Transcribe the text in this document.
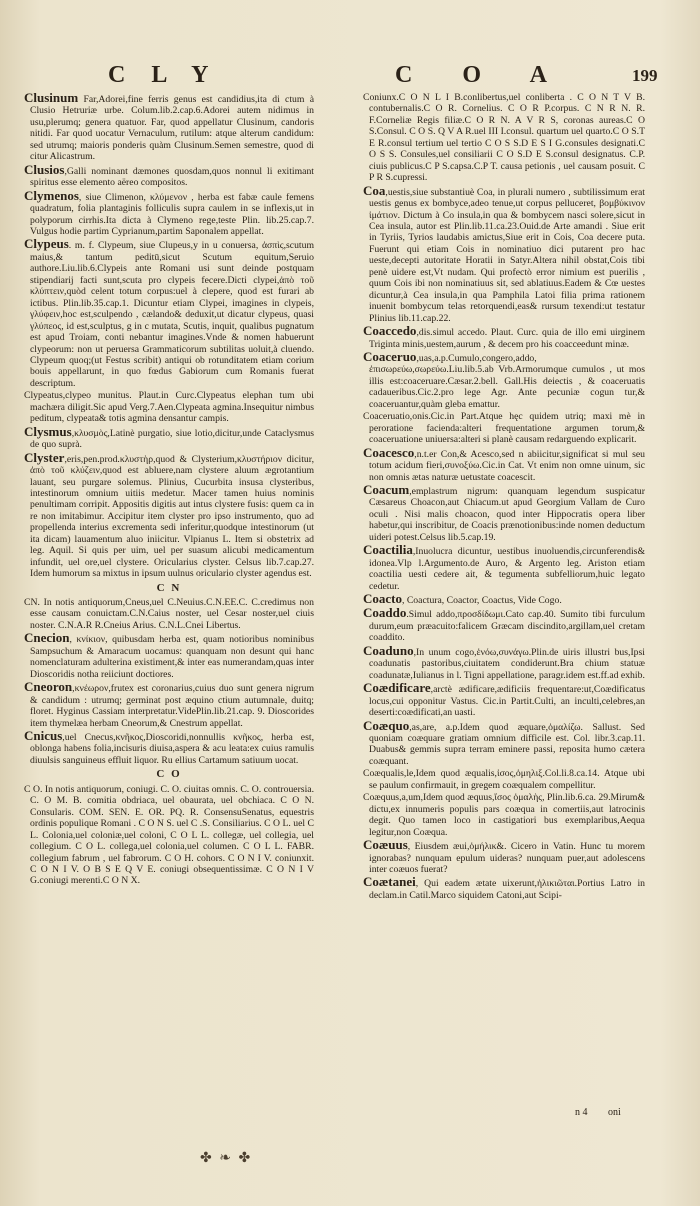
C L Y	C O A	199
Clusinum Far,Adorei,fine ferris genus est candidius,ita di ctum à Clusio Hetruriæ urbe. Colum.lib.2.cap.6.Adorei autem nidimus in usu,plerumq; genera quatuor. Far, quod appellatur Clusinum, candoris nitidi. Far quod uocatur Vernaculum, rutilum: atque alterum candidum: sed utrumq; maioris ponderis quàm Clusinum.Semen semestre, quod di citur Alicastrum.
Clusios,Galli nominant dæmones quosdam,quos nonnul li exitimant spiritus esse elemento aëreo compositos.
Clymenos, siue Climenon, κλύμενον , herba est fabæ caule femens quadratum, folia plantaginis folliculis supra caulem in se inflexis,ut in polyporum cirrhis.Ita dicta à Clymeno rege,teste Plin. lib.25.cap.7. Vulgus hodie partim Cyprianum,partim Saponalem appellat.
Clypeus. m. f. Clypeum, siue Clupeus,y in u conuersa, ἀσπὶς,scutum maius,& tantum peditū,sicut Scutum equitum,Seruio authore.Liu.lib.6.Clypeis ante Romani usi sunt deinde postquam stipendiarij facti sunt,scuta pro clypeis fecere.Dicti clypei,ἀπὸ τοῦ κλύπτειν,quòd celent totum corpus:uel à clepere, quod est furari ab ictibus. Plin.lib.35.cap.1. Dicuntur etiam Clypei, imagines in clypeis, γλύφειν,hoc est,sculpendo , cælando& deduxit,ut dicatur clypeus, quasi γλύπεος, id est,sculptus, g in c mutata, Scutis, inquit, qualibus pugnatum est apud Troiam, conti nebantur imagines.Vnde & nomen habuerunt clypeorum: non ut peruersa Grammaticorum subtilitas uoluit,à cluendo. Clypeum quoq;(ut Festus scribit) antiqui ob rotunditatem etiam corium bouis appellarunt, in quo fœdus Gabiorum cum Romanis fuerat descriptum.
Clypeatus,clypeo munitus. Plaut.in Curc.Clypeatus elephan tum ubi machæra diligit.Sic apud Verg.7.Aen.Clypeata agmina.Insequitur nimbus peditum, clypeata& totis agmina densantur campis.
Clysmus,κλυσμὸς,Latinè purgatio, siue lotio,dicitur,unde Cataclysmus de quo suprà.
Clyster,eris,pen.prod.κλυστὴρ,quod & Clysterium,κλυστήριον dicitur, ἀπὸ τοῦ κλύζειν,quod est abluere,nam clystere aluum ægrotantium lauant, seu purgare solemus. Plinius, Cucurbita insusa clysteribus, intestinorum omnium uitiis medetur. Macer tamen huius nominis penultimam corripit. Appositis digitis aut intus clystere fusis: quem ca in re non imitabimur. Accipitur item clyster pro ipso instrumento, quo ad propellenda interius excrementa sedi inferitur,quodque intestinorum (ut ita dicam) lauamentum aluo iniicitur. Vlpianus L. Item si obstetrix ad leg. Aquil. Si quis per uim, uel per suasum alicubi medicamentum infundit, uel ore,uel clystere. Oricularius clyster. Celsus lib.7.cap.27. Idem humorum sa mixtus in ipsum uulnus oriculario clyster agendus est.
C N
CN. In notis antiquorum,Cneus,uel C.Neuius.C.N.EE.C. C.credimus non esse causam conuictam.C.N.Caius noster, uel Cesar noster,uel ciuis noster. C.N.A.R R.Cneius Arius. C.N.L.Cnei Libertus.
Cnecion, κνίκιον, quibusdam herba est, quam notioribus nominibus Sampsuchum & Amaracum uocamus: quanquam non desunt qui hanc nomenclaturam adulterina existiment,& inter eas numerandam,quas inter Dioscoridis notha reiiciunt doctiores.
Cneoron,κνέωρον,frutex est coronarius,cuius duo sunt genera nigrum & candidum : utrumq; germinat post æquino ctium autumnale, duitq; floret. Hyginus Cassiam interpretatur.VidePlin.lib.21.cap. 9. Dioscorides item thymelæa herbam Cneorum,& Cnestrum appellat.
Cnicus,uel Cnecus,κνῆκος,Dioscoridi,nonnullis κνῆκος, herba est, oblonga habens folia,incisuris diuisa,aspera & acu leata:ex cuius ramulis diuulsis sanguineus effluit liquor. Ru ellius Cartamum satiuum uocat.
C O
C O. In notis antiquorum, coniugi. C. O. ciuitas omnis. C. O. controuersia. C. O M. B. comitia obdriaca, uel obaurata, uel obchiaca. C O N. Consularis. COM. SEN. E. OR. PQ. R. ConsensuSenatus, equestris ordinis populique Romani . C O N S. uel C .S. Consiliarius. C O L. uel C L. Colonia,uel coloniæ,uel coloni, C O L L. collegæ, uel collegia, uel collegium. C O L. collega,uel colonia,uel columen. C O L L. FABR. collegium fabrum , uel fabrorum. C O H. cohors. C O N I V. coniunxit. C O N I V. O B S E Q V E. coniugi obsequentissimæ. C O N I V G.coniugi merenti.C O N X.
Coniunx.C O N L I B.conlibertus,uel conliberta . C O N T V B. contubernalis.C O R. Cornelius. C O R P.corpus. C N R N. R. F.Corneliæ Regis filiæ.C O R N. A V R S, coronas aureas.C O S.Consul. C O S. Q V A R.uel III I.consul. quartum uel quarto.C O S.T E R.consul tertium uel tertio C O S S.D E S I G.consules designati.C O S S. Consules,uel consiliarii C O S.D E S.consul designatus. C.P. ciuis publicus.C P S.capsa.C.P T. causa petionis , uel causam posuit. C P R S.cupressi.
Coa,uestis,siue substantiuè Coa, in plurali numero , subtilissimum erat uestis genus ex bombyce,adeo tenue,ut corpus pelluceret, βομβύκινον ἱμάτιον. Dictum à Co insula,in qua & bombycem nasci solere,sicut in Cea insula, autor est Plin.lib.11.ca.23.Ouid.de Arte amandi . Siue erit in Tyriis, Tyrios laudabis amictus,Siue erit in Cois, Coa decere puta. Fuerunt qui etiam Cois in nominatiuo dici putarent pro hac ueste,decepti autoritate Horatii in Satyr.Altera nihil obstat,Cois tibi penè uidere est,Vt nudam. Qui profectò error nimium est puerilis , quum Cois ibi non nominatiuus sit, sed ablatiuus.Eadem & Cœ uestes dicuntur,à Cea insula,in qua Pamphila Latoi filia prima rationem inuenit bombycum telas retorquendi,eas& rursum texendi:ut testatur Plinius lib.11.cap.22.
Coaccedo,dis.simul accedo. Plaut. Curc. quia de illo emi uirginem Triginta minis,uestem,aurum , & decem pro his coacceedunt minæ.
Coaceruo,uas,a.p.Cumulo,congero,addo, ἐπισωρεύω,σωρεύω.Liu.lib.5.ab Vrb.Armorumque cumulos , ut mos illis est:coaceruare.Cæsar.2.bell. Gall.His deiectis , & coaceruatis cadaueribus.Cic.2.pro lege Agr. Ante pecuniæ cogun tur,& coaceruantur,quàm gleba emattur.
Coaceruatio,onis.Cic.in Part.Atque hęc quidem utriq; maxi mè in peroratione facienda:alteri frequentatione argumen torum,& coaceruatione uniuersa:alteri si planè causam redarguendo explicarit.
Coacesco,n.t.er Con,& Acesco,sed n abiicitur,significat si mul seu totum acidum fieri,συνοξύω.Cic.in Cat. Vt enim non omne uinum, sic non omnis ætas naturæ uetustate coacescit.
Coacum,emplastrum nigrum: quanquam legendum suspicatur Cæsareus Choacon,aut Chiacum.ut apud Georgium Vallam de Curo oculi . Nisi malis choacon, quod inter Hippocratis opera liber habetur,qui inscribitur, de Coacis prænotionibus:inde nomen deductum uideri potest.Celsus lib.5.cap.19.
Coactilia,Inuolucra dicuntur, uestibus inuoluendis,circunferendis& idonea.Vlp l.Argumento.de Auro, & Argento leg. Ariston etiam coactilia uesti cedere ait, & tegumenta subfelliorum,huic legato cedetur.
Coacto, Coactura, Coactor, Coactus, Vide Cogo.
Coaddo.Simul addo,προσδίδωμι.Cato cap.40. Sumito tibi furculum durum,eum præacuito:falicem Græcam discindito,argillam,uel cretam coaddito.
Coaduno,In unum cogo,ἑνόω,συνάγω.Plin.de uiris illustri bus,Ipsi coadunatis pastoribus,ciuitatem condiderunt.Bra chium statuæ coadunatæ,Iulianus in l. Tigni appellatione, paragr.idem est.ff.ad exhib.
Coædificare,arctè ædificare,ædificiis frequentare:ut,Coædificatus locus,cui opponitur Vastus. Cic.in Partit.Culti, an inculti,celebres,an deserti:coædificati,an uasti.
Coæquo,as,are, a.p.Idem quod æquare,ὁμαλίζω. Sallust. Sed quoniam coæquare gratiam omnium difficile est. Col. libr.3.cap.11. Duabus& gemmis supra terram eminere passi, reposita humo cætera coæquant.
Coæqualis,le,Idem quod æqualis,ἰσος,ὁμηλιξ.Col.li.8.ca.14. Atque ubi se paulum confirmauit, in gregem coæqualem compellitur.
Coæquus,a,um,Idem quod æquus,ἴσος ὁμαλὴς, Plin.lib.6.ca. 29.Mirum& dictu,ex innumeris populis pars coæqua in comertiis,aut latrocinis degit. Quo tamen loco in castigatiori bus exemplaribus,Aequa legitur,non Coæqua.
Coæuus, Eiusdem æui,ὁμήλικ&. Cicero in Vatin. Hunc tu morem ignorabas? nunquam epulum uideras? nunquam puer,aut adolescens inter coæuos fuerat?
Coætanei, Qui eadem ætate uixerunt,ἡλικιῶται.Portius Latro in declam.in Catil.Marco siquidem Catoni,aut Scipi-
n 4 oni
✤ ❧ ✤
